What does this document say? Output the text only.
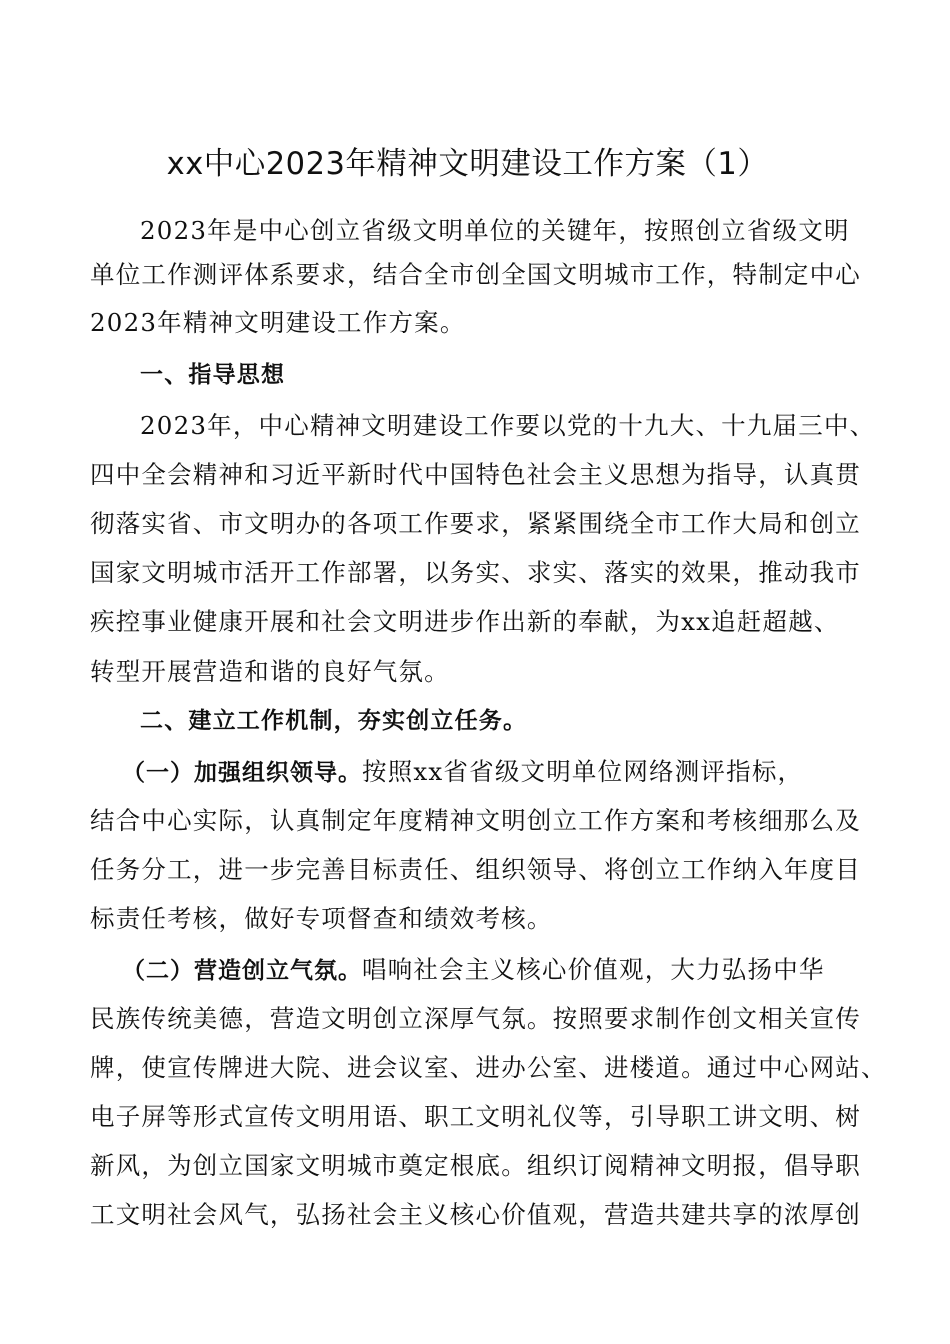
xx中心2023年精神文明建设工作方案（1）

2023年是中心创立省级文明单位的关键年，按照创立省级文明

单位工作测评体系要求，结合全市创全国文明城市工作，特制定中心

2023年精神文明建设工作方案。

一、指导思想

2023年，中心精神文明建设工作要以党的十九大、十九届三中、

四中全会精神和习近平新时代中国特色社会主义思想为指导，认真贯

彻落实省、市文明办的各项工作要求，紧紧围绕全市工作大局和创立

国家文明城市活开工作部署，以务实、求实、落实的效果，推动我市

疾控事业健康开展和社会文明进步作出新的奉献，为xx追赶超越、

转型开展营造和谐的良好气氛。

二、建立工作机制，夯实创立任务。

（一）加强组织领导。按照xx省省级文明单位网络测评指标，

结合中心实际，认真制定年度精神文明创立工作方案和考核细那么及

任务分工，进一步完善目标责任、组织领导、将创立工作纳入年度目

标责任考核，做好专项督查和绩效考核。

（二）营造创立气氛。唱响社会主义核心价值观，大力弘扬中华

民族传统美德，营造文明创立深厚气氛。按照要求制作创文相关宣传

牌，使宣传牌进大院、进会议室、进办公室、进楼道。通过中心网站、

电子屏等形式宣传文明用语、职工文明礼仪等，引导职工讲文明、树

新风，为创立国家文明城市奠定根底。组织订阅精神文明报，倡导职

工文明社会风气，弘扬社会主义核心价值观，营造共建共享的浓厚创
